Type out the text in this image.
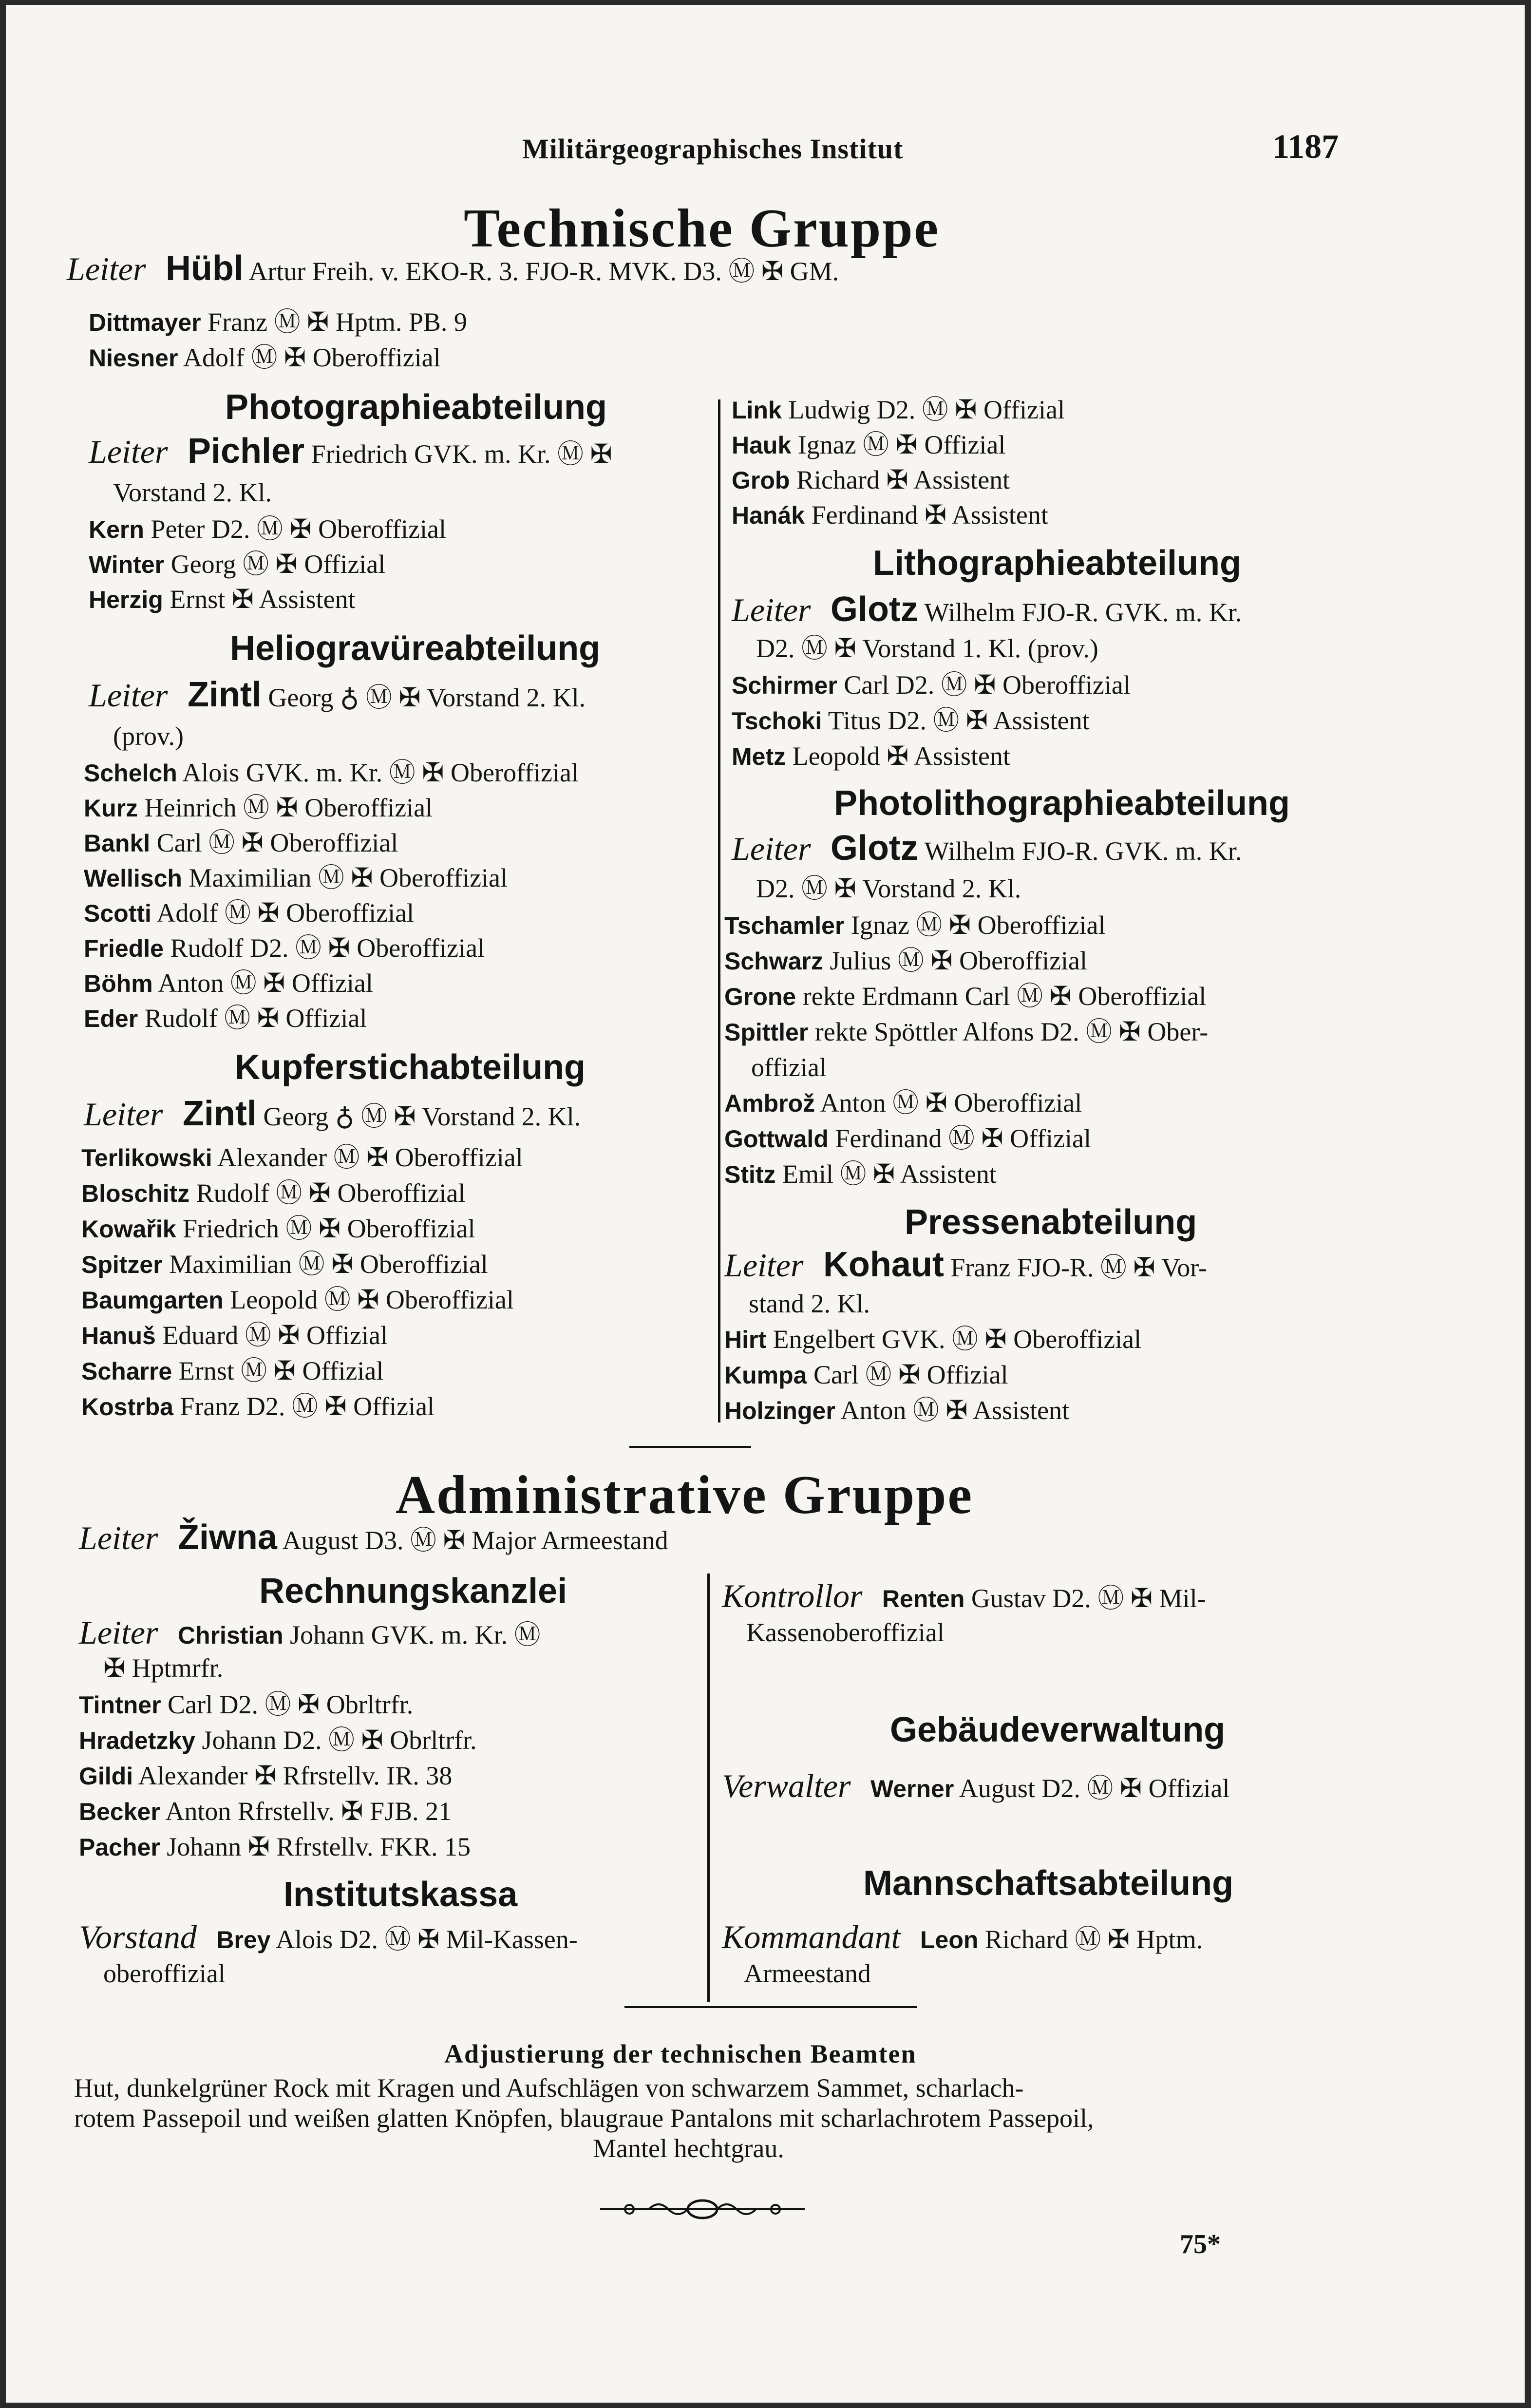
Militärgeographisches Institut	1187
Technische Gruppe
Leiter Hübl Artur Freih. v. EKO-R. 3. FJO-R. MVK. D3. Ⓜ ✠ GM.
Dittmayer Franz Ⓜ ✠ Hptm. PB. 9
Niesner Adolf Ⓜ ✠ Oberoffizial
Photographieabteilung
Leiter Pichler Friedrich GVK. m. Kr. Ⓜ ✠
Vorstand 2. Kl.
Kern Peter D2. Ⓜ ✠ Oberoffizial
Winter Georg Ⓜ ✠ Offizial
Herzig Ernst ✠ Assistent
Heliogravüreabteilung
Leiter Zintl Georg ♁ Ⓜ ✠ Vorstand 2. Kl.
(prov.)
Schelch Alois GVK. m. Kr. Ⓜ ✠ Oberoffizial
Kurz Heinrich Ⓜ ✠ Oberoffizial
Bankl Carl Ⓜ ✠ Oberoffizial
Wellisch Maximilian Ⓜ ✠ Oberoffizial
Scotti Adolf Ⓜ ✠ Oberoffizial
Friedle Rudolf D2. Ⓜ ✠ Oberoffizial
Böhm Anton Ⓜ ✠ Offizial
Eder Rudolf Ⓜ ✠ Offizial
Kupferstichabteilung
Leiter Zintl Georg ♁ Ⓜ ✠ Vorstand 2. Kl.
Terlikowski Alexander Ⓜ ✠ Oberoffizial
Bloschitz Rudolf Ⓜ ✠ Oberoffizial
Kowařik Friedrich Ⓜ ✠ Oberoffizial
Spitzer Maximilian Ⓜ ✠ Oberoffizial
Baumgarten Leopold Ⓜ ✠ Oberoffizial
Hanuš Eduard Ⓜ ✠ Offizial
Scharre Ernst Ⓜ ✠ Offizial
Kostrba Franz D2. Ⓜ ✠ Offizial
Link Ludwig D2. Ⓜ ✠ Offizial
Hauk Ignaz Ⓜ ✠ Offizial
Grob Richard ✠ Assistent
Hanák Ferdinand ✠ Assistent
Lithographieabteilung
Leiter Glotz Wilhelm FJO-R. GVK. m. Kr.
D2. Ⓜ ✠ Vorstand 1. Kl. (prov.)
Schirmer Carl D2. Ⓜ ✠ Oberoffizial
Tschoki Titus D2. Ⓜ ✠ Assistent
Metz Leopold ✠ Assistent
Photolithographieabteilung
Leiter Glotz Wilhelm FJO-R. GVK. m. Kr.
D2. Ⓜ ✠ Vorstand 2. Kl.
Tschamler Ignaz Ⓜ ✠ Oberoffizial
Schwarz Julius Ⓜ ✠ Oberoffizial
Grone rekte Erdmann Carl Ⓜ ✠ Oberoffizial
Spittler rekte Spöttler Alfons D2. Ⓜ ✠ Ober-
offizial
Ambrož Anton Ⓜ ✠ Oberoffizial
Gottwald Ferdinand Ⓜ ✠ Offizial
Stitz Emil Ⓜ ✠ Assistent
Pressenabteilung
Leiter Kohaut Franz FJO-R. Ⓜ ✠ Vor-
stand 2. Kl.
Hirt Engelbert GVK. Ⓜ ✠ Oberoffizial
Kumpa Carl Ⓜ ✠ Offizial
Holzinger Anton Ⓜ ✠ Assistent
Administrative Gruppe
Leiter Žiwna August D3. Ⓜ ✠ Major Armeestand
Rechnungskanzlei
Leiter Christian Johann GVK. m. Kr. Ⓜ
✠ Hptmrfr.
Tintner Carl D2. Ⓜ ✠ Obrltrfr.
Hradetzky Johann D2. Ⓜ ✠ Obrltrfr.
Gildi Alexander ✠ Rfrstellv. IR. 38
Becker Anton Rfrstellv. ✠ FJB. 21
Pacher Johann ✠ Rfrstellv. FKR. 15
Institutskassa
Vorstand Brey Alois D2. Ⓜ ✠ Mil-Kassen-
oberoffizial
Kontrollor Renten Gustav D2. Ⓜ ✠ Mil-
Kassenoberoffizial
Gebäudeverwaltung
Verwalter Werner August D2. Ⓜ ✠ Offizial
Mannschaftsabteilung
Kommandant Leon Richard Ⓜ ✠ Hptm.
Armeestand
Adjustierung der technischen Beamten
Hut, dunkelgrüner Rock mit Kragen und Aufschlägen von schwarzem Sammet, scharlach-
rotem Passepoil und weißen glatten Knöpfen, blaugraue Pantalons mit scharlachrotem Passepoil,
Mantel hechtgrau.
75*
